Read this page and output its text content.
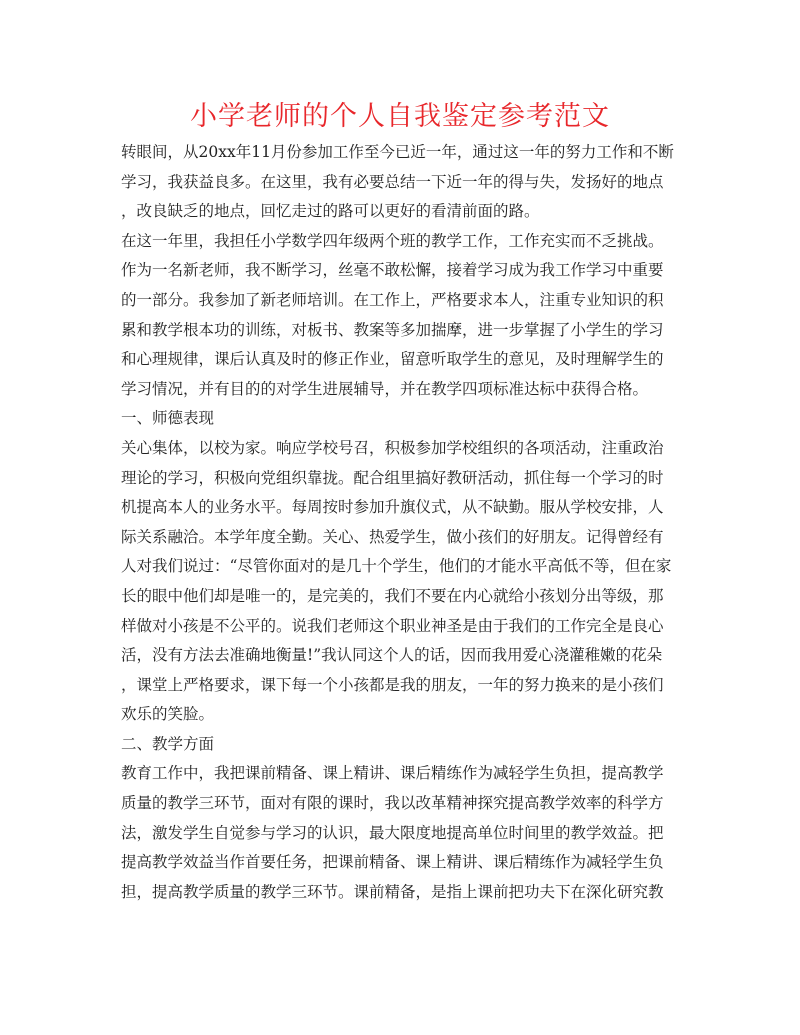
小学老师的个人自我鉴定参考范文
转眼间，从20xx年11月份参加工作至今已近一年，通过这一年的努力工作和不断
学习，我获益良多。在这里，我有必要总结一下近一年的得与失，发扬好的地点
，改良缺乏的地点，回忆走过的路可以更好的看清前面的路。
在这一年里，我担任小学数学四年级两个班的教学工作，工作充实而不乏挑战。
作为一名新老师，我不断学习，丝毫不敢松懈，接着学习成为我工作学习中重要
的一部分。我参加了新老师培训。在工作上，严格要求本人，注重专业知识的积
累和教学根本功的训练，对板书、教案等多加揣摩，进一步掌握了小学生的学习
和心理规律，课后认真及时的修正作业，留意听取学生的意见，及时理解学生的
学习情况，并有目的的对学生进展辅导，并在教学四项标准达标中获得合格。
一、师德表现
关心集体，以校为家。响应学校号召，积极参加学校组织的各项活动，注重政治
理论的学习，积极向党组织靠拢。配合组里搞好教研活动，抓住每一个学习的时
机提高本人的业务水平。每周按时参加升旗仪式，从不缺勤。服从学校安排，人
际关系融洽。本学年度全勤。关心、热爱学生，做小孩们的好朋友。记得曾经有
人对我们说过：“尽管你面对的是几十个学生，他们的才能水平高低不等，但在家
长的眼中他们却是唯一的，是完美的，我们不要在内心就给小孩划分出等级，那
样做对小孩是不公平的。说我们老师这个职业神圣是由于我们的工作完全是良心
活，没有方法去准确地衡量!”我认同这个人的话，因而我用爱心浇灌稚嫩的花朵
，课堂上严格要求，课下每一个小孩都是我的朋友，一年的努力换来的是小孩们
欢乐的笑脸。
二、教学方面
教育工作中，我把课前精备、课上精讲、课后精练作为减轻学生负担，提高教学
质量的教学三环节，面对有限的课时，我以改革精神探究提高教学效率的科学方
法，激发学生自觉参与学习的认识，最大限度地提高单位时间里的教学效益。把
提高教学效益当作首要任务，把课前精备、课上精讲、课后精练作为减轻学生负
担，提高教学质量的教学三环节。课前精备，是指上课前把功夫下在深化研究教
